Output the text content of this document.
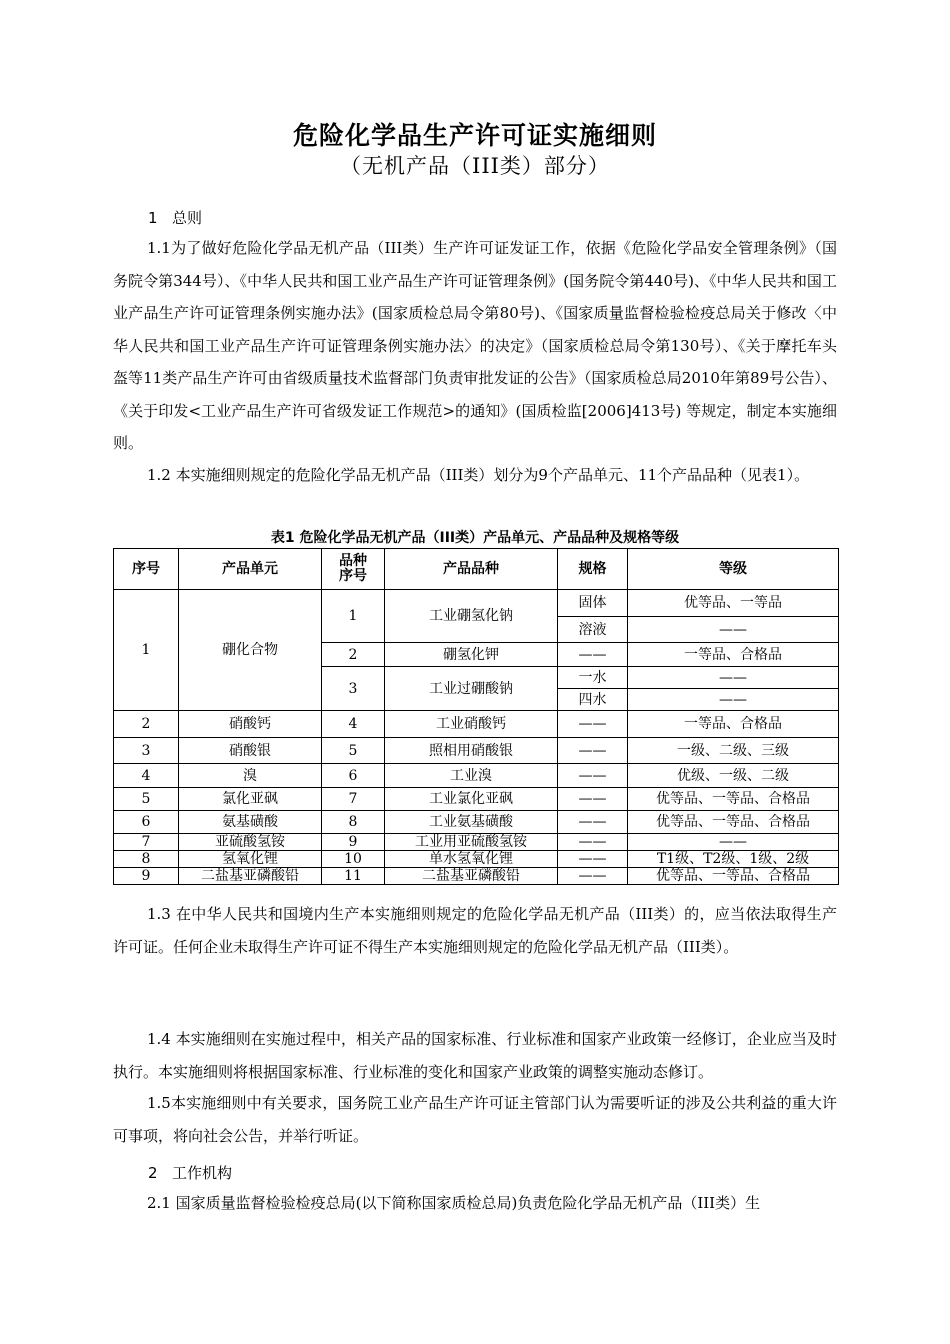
危险化学品生产许可证实施细则
（无机产品（III类）部分）
1 总则

1.1为了做好危险化学品无机产品（III类）生产许可证发证工作，依据《危险化学品安全管理条例》（国务院令第344号）、《中华人民共和国工业产品生产许可证管理条例》(国务院令第440号)、《中华人民共和国工业产品生产许可证管理条例实施办法》(国家质检总局令第80号)、《国家质量监督检验检疫总局关于修改〈中华人民共和国工业产品生产许可证管理条例实施办法〉的决定》（国家质检总局令第130号）、《关于摩托车头盔等11类产品生产许可由省级质量技术监督部门负责审批发证的公告》（国家质检总局2010年第89号公告）、《关于印发<工业产品生产许可省级发证工作规范>的通知》(国质检监[2006]413号) 等规定，制定本实施细则。

1.2 本实施细则规定的危险化学品无机产品（III类）划分为9个产品单元、11个产品品种（见表1）。

表1 危险化学品无机产品（III类）产品单元、产品品种及规格等级
序号	产品单元	品种序号	产品品种	规格	等级
1	硼化合物	1	工业硼氢化钠	固体	优等品、一等品
				溶液	——
		2	硼氢化钾	——	一等品、合格品
		3	工业过硼酸钠	一水	——
				四水	——
2	硝酸钙	4	工业硝酸钙	——	一等品、合格品
3	硝酸银	5	照相用硝酸银	——	一级、二级、三级
4	溴	6	工业溴	——	优级、一级、二级
5	氯化亚砜	7	工业氯化亚砜	——	优等品、一等品、合格品
6	氨基磺酸	8	工业氨基磺酸	——	优等品、一等品、合格品
7	亚硫酸氢铵	9	工业用亚硫酸氢铵	——	——
8	氢氧化锂	10	单水氢氧化锂	——	T1级、T2级、1级、2级
9	二盐基亚磷酸铅	11	二盐基亚磷酸铅	——	优等品、一等品、合格品

1.3 在中华人民共和国境内生产本实施细则规定的危险化学品无机产品（III类）的，应当依法取得生产许可证。任何企业未取得生产许可证不得生产本实施细则规定的危险化学品无机产品（III类）。

1.4 本实施细则在实施过程中，相关产品的国家标准、行业标准和国家产业政策一经修订，企业应当及时执行。本实施细则将根据国家标准、行业标准的变化和国家产业政策的调整实施动态修订。

1.5本实施细则中有关要求，国务院工业产品生产许可证主管部门认为需要听证的涉及公共利益的重大许可事项，将向社会公告，并举行听证。

2 工作机构

2.1 国家质量监督检验检疫总局(以下简称国家质检总局)负责危险化学品无机产品（III类）生
